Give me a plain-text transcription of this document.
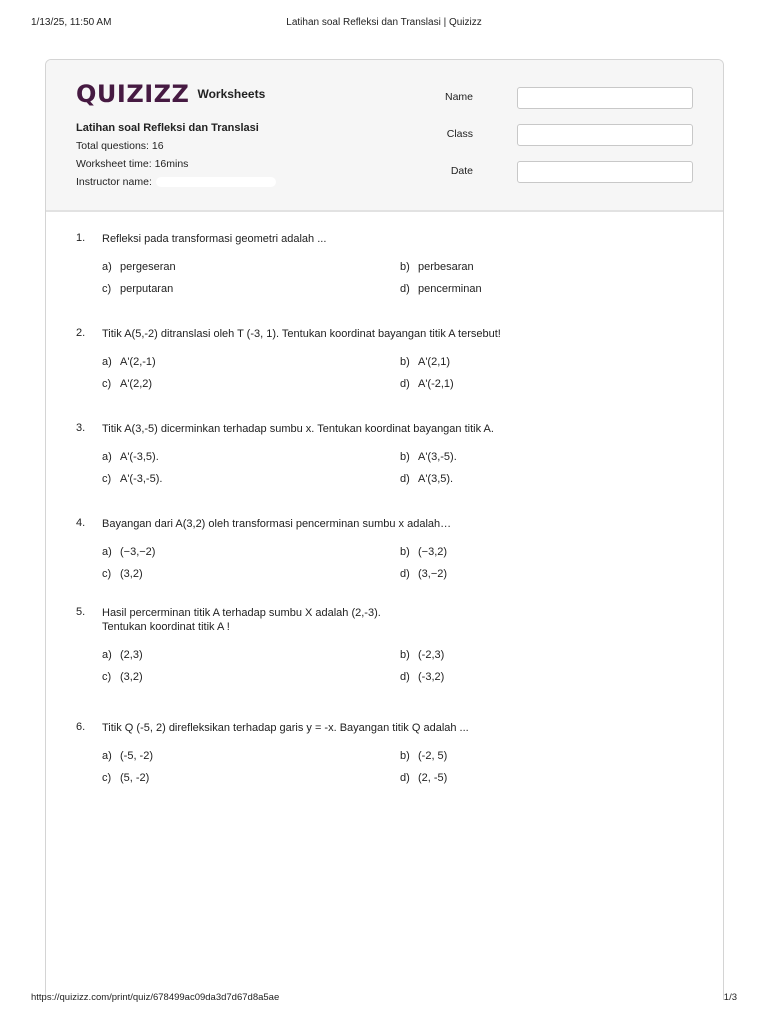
1/13/25, 11:50 AM	Latihan soal Refleksi dan Translasi | Quizizz
QUIZIZZ Worksheets
Latihan soal Refleksi dan Translasi
Total questions: 16
Worksheet time: 16mins
Instructor name:
Name
Class
Date
1.	Refleksi pada transformasi geometri adalah ...
a) pergeseran	b) perbesaran
c) perputaran	d) pencerminan
2.	Titik A(5,-2) ditranslasi oleh T (-3, 1). Tentukan koordinat bayangan titik A tersebut!
a) A'(2,-1)	b) A'(2,1)
c) A'(2,2)	d) A'(-2,1)
3.	Titik A(3,-5) dicerminkan terhadap sumbu x. Tentukan koordinat bayangan titik A.
a) A'(-3,5).	b) A'(3,-5).
c) A'(-3,-5).	d) A'(3,5).
4.	Bayangan dari A(3,2) oleh transformasi pencerminan sumbu x adalah…
a) (−3,−2)	b) (−3,2)
c) (3,2)	d) (3,−2)
5.	Hasil percerminan titik A terhadap sumbu X adalah (2,-3).
Tentukan koordinat titik A !
a) (2,3)	b) (-2,3)
c) (3,2)	d) (-3,2)
6.	Titik Q (-5, 2) direfleksikan terhadap garis y = -x. Bayangan titik Q adalah ...
a) (-5, -2)	b) (-2, 5)
c) (5, -2)	d) (2, -5)
https://quizizz.com/print/quiz/678499ac09da3d7d67d8a5ae	1/3
